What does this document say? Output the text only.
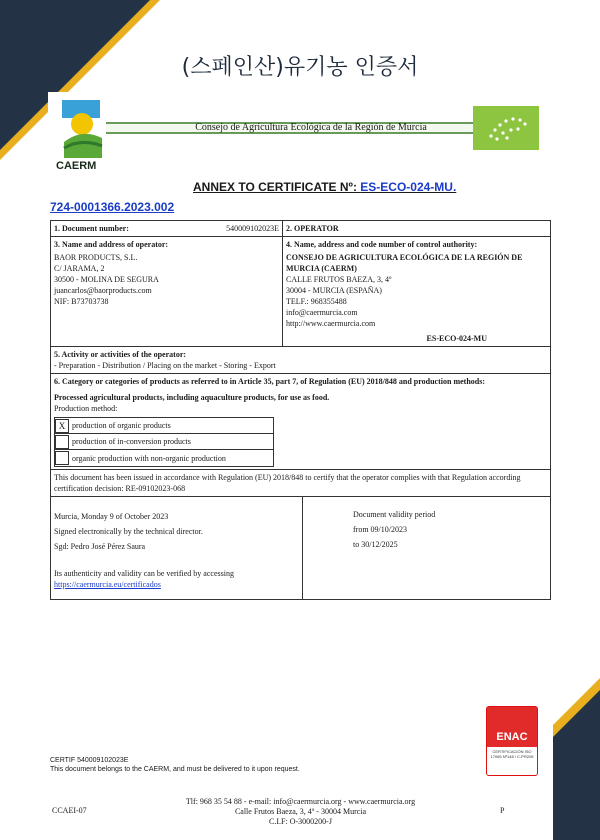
(스페인산)유기농 인증서
CAERM
Consejo de Agricultura Ecológica de la Región de Murcia
ANNEX TO CERTIFICATE Nº: ES-ECO-024-MU.
724-0001366.2023.002
1. Document number:	540009102023E 2. OPERATOR
3. Name and address of operator:
BAOR PRODUCTS, S.L.
C/ JARAMA, 2
30500 - MOLINA DE SEGURA
juancarlos@baorproducts.com
NIF: B73703738
4. Name, address and code number of control authority:
CONSEJO DE AGRICULTURA ECOLÓGICA DE LA REGIÓN DE MURCIA (CAERM)
CALLE FRUTOS BAEZA, 3, 4º
30004 - MURCIA (ESPAÑA)
TELF.: 968355488
info@caermurcia.com
http://www.caermurcia.com
ES-ECO-024-MU
5. Activity or activities of the operator:
- Preparation - Distribution / Placing on the market - Storing - Export
6. Category or categories of products as referred to in Article 35, part 7, of Regulation (EU) 2018/848 and production methods:
Processed agricultural products, including aquaculture products, for use as food.
Production method:
X production of organic products
production of in-conversion products
organic production with non-organic production
This document has been issued in accordance with Regulation (EU) 2018/848 to certify that the operator complies with that Regulation according certification decision: RE-09102023-068
Murcia, Monday 9 of October 2023
Signed electronically by the technical director.
Sgd: Pedro José Pérez Saura
Its authenticity and validity can be verified by accessing
https://caermurcia.eu/certificados
Document validity period
from 09/10/2023
to 30/12/2025
ENAC
CERTIFICACIÓN ISO 17065 Nº148 / C-PR205
CERTIF 540009102023E
This document belongs to the CAERM, and must be delivered to it upon request.
CCAEI-07
Tlf: 968 35 54 88 - e-mail: info@caermurcia.org - www.caermurcia.org
Calle Frutos Baeza, 3, 4º - 30004 Murcia
C.I.F: O-3000200-J
P
